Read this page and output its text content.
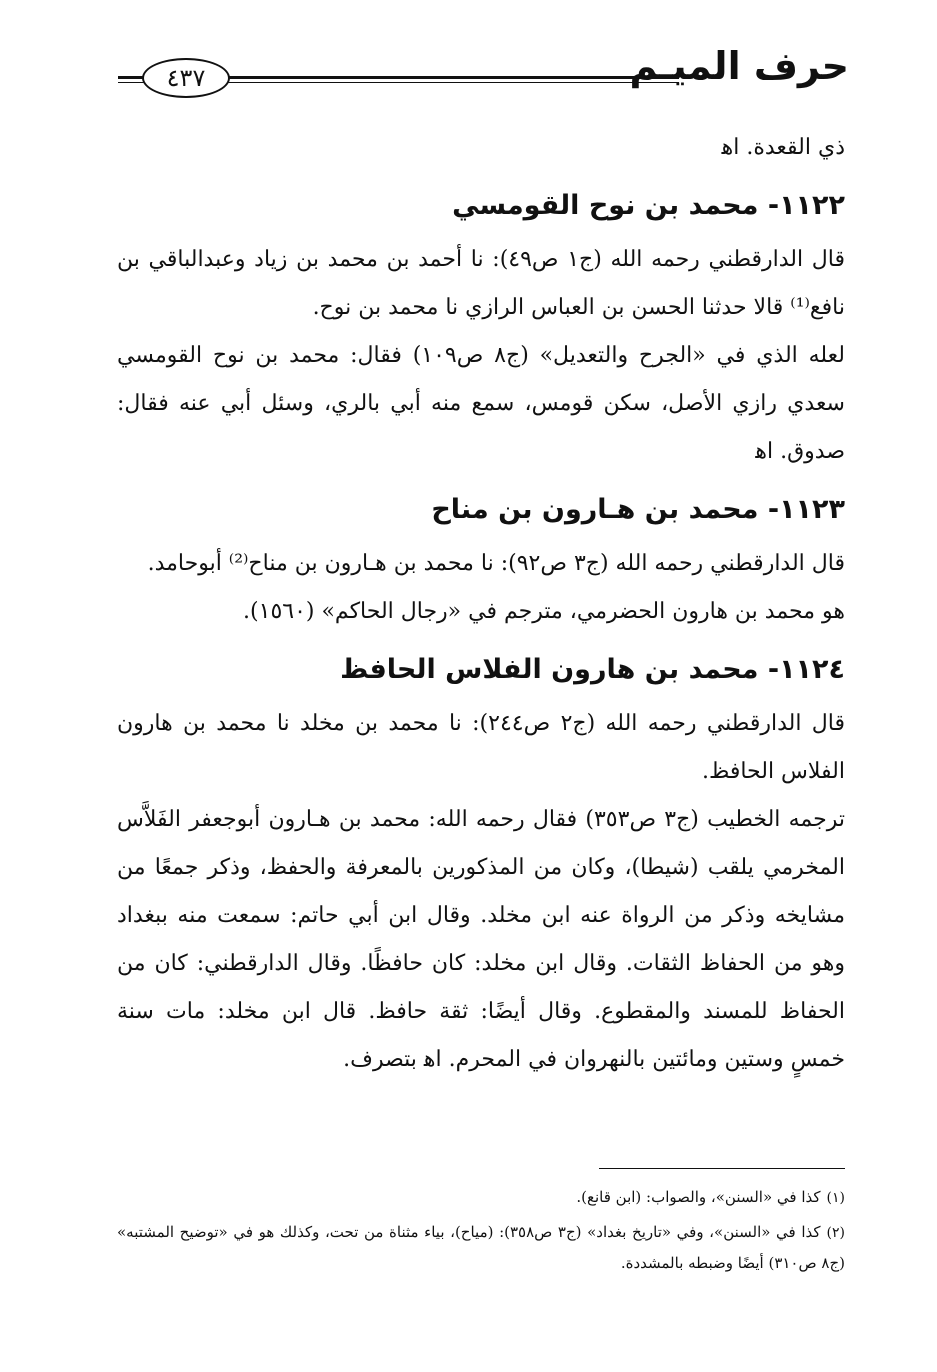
حرف الميـم
٤٣٧

ذي القعدة. اﻫ

١١٢٢- محمد بن نوح القومسي

قال الدارقطني رحمه الله (ج١ ص٤٩): نا أحمد بن محمد بن زياد وعبدالباقي بن نافع⁽¹⁾ قالا حدثنا الحسن بن العباس الرازي نا محمد بن نوح.

لعله الذي في «الجرح والتعديل» (ج٨ ص١٠٩) فقال: محمد بن نوح القومسي سعدي رازي الأصل، سكن قومس، سمع منه أبي بالري، وسئل أبي عنه فقال: صدوق. اﻫ

١١٢٣- محمد بن هـارون بن مناح

قال الدارقطني رحمه الله (ج٣ ص٩٢): نا محمد بن هـارون بن مناح⁽²⁾ أبوحامد.

هو محمد بن هارون الحضرمي، مترجم في «رجال الحاكم» (١٥٦٠).

١١٢٤- محمد بن هارون الفلاس الحافظ

قال الدارقطني رحمه الله (ج٢ ص٢٤٤): نا محمد بن مخلد نا محمد بن هارون الفلاس الحافظ.

ترجمه الخطيب (ج٣ ص٣٥٣) فقال رحمه الله: محمد بن هـارون أبوجعفر الفَلاَّس المخرمي يلقب (شيطا)، وكان من المذكورين بالمعرفة والحفظ، وذكر جمعًا من مشايخه وذكر من الرواة عنه ابن مخلد. وقال ابن أبي حاتم: سمعت منه ببغداد وهو من الحفاظ الثقات. وقال ابن مخلد: كان حافظًا. وقال الدارقطني: كان من الحفاظ للمسند والمقطوع. وقال أيضًا: ثقة حافظ. قال ابن مخلد: مات سنة خمسٍ وستين ومائتين بالنهروان في المحرم. اﻫ بتصرف.

(١)كذا في «السنن»، والصواب: (ابن قانع).

(٢)كذا في «السنن»، وفي «تاريخ بغداد» (ج٣ ص٣٥٨): (مياح)، بياء مثناة من تحت، وكذلك هو في «توضيح المشتبه» (ج٨ ص٣١٠) أيضًا وضبطه بالمشددة.
